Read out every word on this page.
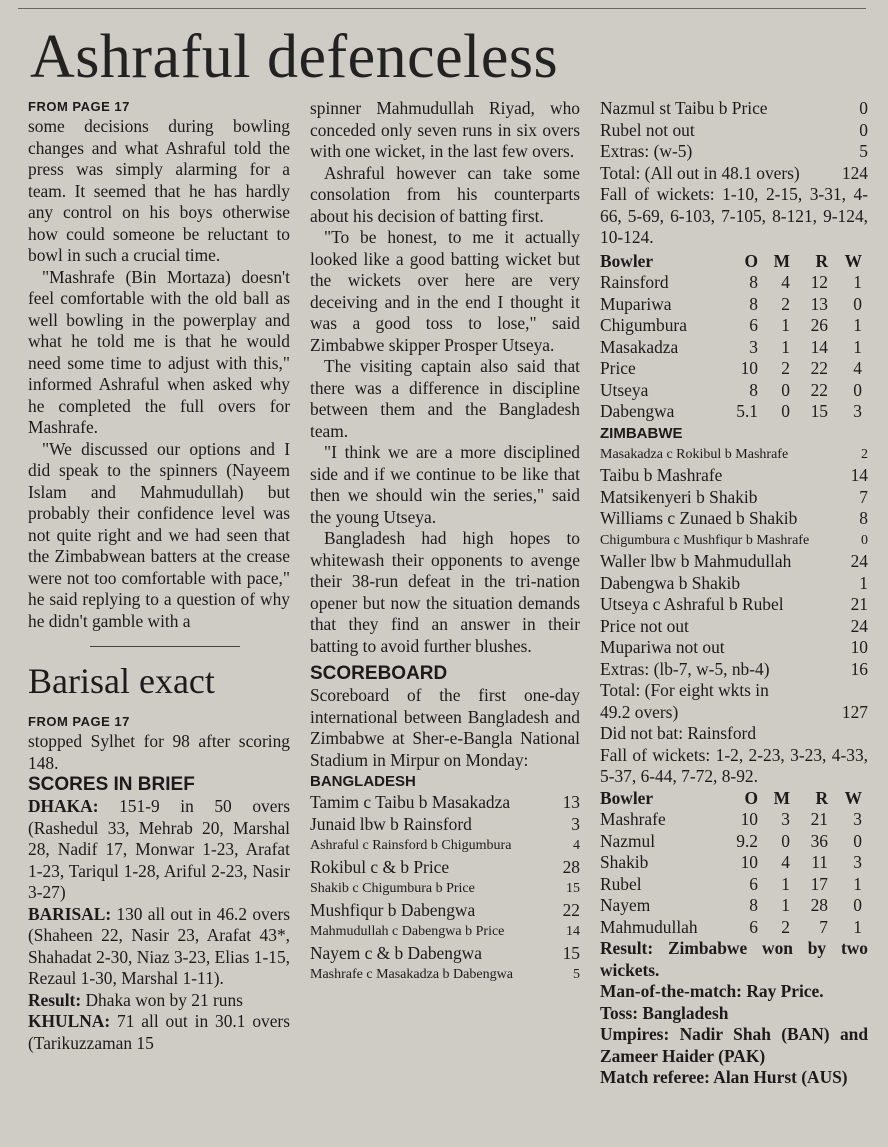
Ashraful defenceless
FROM PAGE 17

some decisions during bowling changes and what Ashraful told the press was simply alarming for a team. It seemed that he has hardly any control on his boys otherwise how could someone be reluctant to bowl in such a crucial time.

"Mashrafe (Bin Mortaza) doesn't feel comfortable with the old ball as well bowling in the powerplay and what he told me is that he would need some time to adjust with this," informed Ashraful when asked why he completed the full overs for Mashrafe.

"We discussed our options and I did speak to the spinners (Nayeem Islam and Mahmudullah) but probably their confidence level was not quite right and we had seen that the Zimbabwean batters at the crease were not too comfortable with pace," he said replying to a question of why he didn't gamble with a

Barisal exact
FROM PAGE 17

stopped Sylhet for 98 after scoring 148.

SCORES IN BRIEF

DHAKA: 151-9 in 50 overs (Rashedul 33, Mehrab 20, Marshal 28, Nadif 17, Monwar 1-23, Arafat 1-23, Tariqul 1-28, Ariful 2-23, Nasir 3-27)

BARISAL: 130 all out in 46.2 overs (Shaheen 22, Nasir 23, Arafat 43*, Shahadat 2-30, Niaz 3-23, Elias 1-15, Rezaul 1-30, Marshal 1-11).

Result: Dhaka won by 21 runs

KHULNA: 71 all out in 30.1 overs (Tarikuzzaman 15

spinner Mahmudullah Riyad, who conceded only seven runs in six overs with one wicket, in the last few overs.

Ashraful however can take some consolation from his counterparts about his decision of batting first.

"To be honest, to me it actually looked like a good batting wicket but the wickets over here are very deceiving and in the end I thought it was a good toss to lose," said Zimbabwe skipper Prosper Utseya.

The visiting captain also said that there was a difference in discipline between them and the Bangladesh team.

"I think we are a more disciplined side and if we continue to be like that then we should win the series," said the young Utseya.

Bangladesh had high hopes to whitewash their opponents to avenge their 38-run defeat in the tri-nation opener but now the situation demands that they find an answer in their batting to avoid further blushes.

SCOREBOARD

Scoreboard of the first one-day international between Bangladesh and Zimbabwe at Sher-e-Bangla National Stadium in Mirpur on Monday:

BANGLADESH
Tamim c Taibu b Masakadza	13
Junaid lbw b Rainsford	3
Ashraful c Rainsford b Chigumbura	4
Rokibul c & b Price	28
Shakib c Chigumbura b Price	15
Mushfiqur b Dabengwa	22
Mahmudullah c Dabengwa b Price	14
Nayem c & b Dabengwa	15
Mashrafe c Masakadza b Dabengwa	5
Nazmul st Taibu b Price	0
Rubel not out	0
Extras: (w-5)	5
Total: (All out in 48.1 overs) 124

Fall of wickets: 1-10, 2-15, 3-31, 4-66, 5-69, 6-103, 7-105, 8-121, 9-124, 10-124.

Bowler	O M	R W
Rainsford	8	4	12	1
Mupariwa	8	2	13	0
Chigumbura	6	1	26	1
Masakadza	3	1	14	1
Price	10	2	22	4
Utseya	8	0	22	0
Dabengwa	5.1	0	15	3
ZIMBABWE
Masakadza c Rokibul b Mashrafe	2
Taibu b Mashrafe	14
Matsikenyeri b Shakib	7
Williams c Zunaed b Shakib	8
Chigumbura c Mushfiqur b Mashrafe	0
Waller lbw b Mahmudullah	24
Dabengwa b Shakib	1
Utseya c Ashraful b Rubel	21
Price not out	24
Mupariwa not out	10
Extras: (lb-7, w-5, nb-4)	16
Total: (For eight wkts in
49.2 overs)	127
Did not bat: Rainsford

Fall of wickets: 1-2, 2-23, 3-23, 4-33, 5-37, 6-44, 7-72, 8-92.

Bowler	O M	R W
Mashrafe	10	3	21	3
Nazmul	9.2	0	36	0
Shakib	10	4	11	3
Rubel	6	1	17	1
Nayem	8	1	28	0
Mahmudullah	6	2	7	1

Result: Zimbabwe won by two wickets.

Man-of-the-match: Ray Price.

Toss: Bangladesh

Umpires: Nadir Shah (BAN) and Zameer Haider (PAK)

Match referee: Alan Hurst (AUS)
